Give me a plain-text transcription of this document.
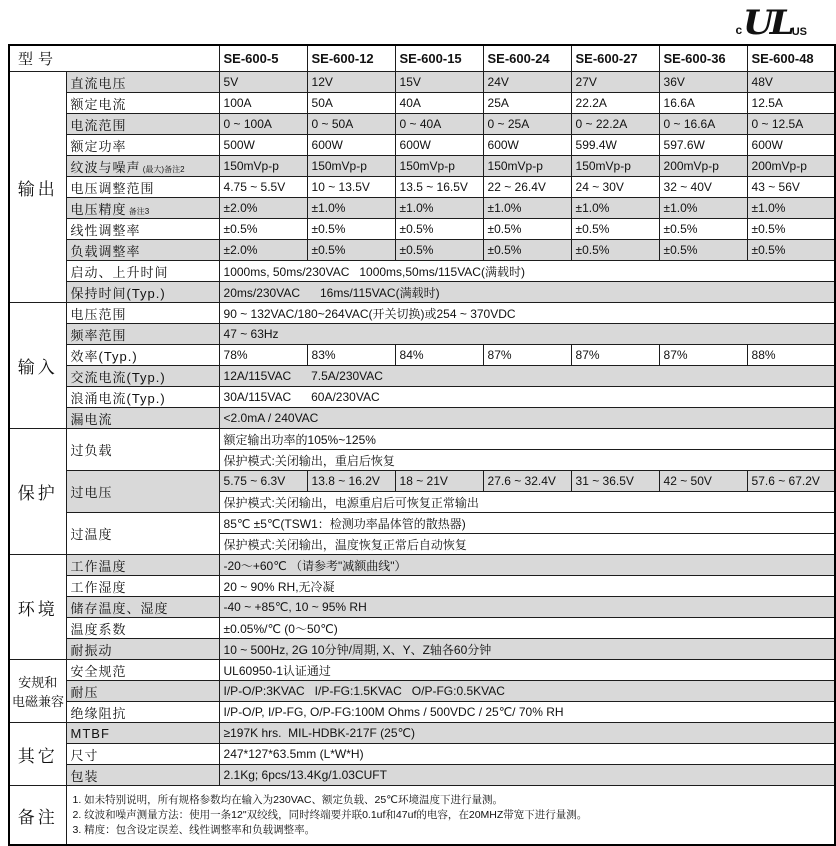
c UL US
型号		SE-600-5	SE-600-12	SE-600-15	SE-600-24	SE-600-27	SE-600-36	SE-600-48

输出	直流电压	5V	12V	15V	24V	27V	36V	48V
	额定电流	100A	50A	40A	25A	22.2A	16.6A	12.5A
	电流范围	0 ~ 100A	0 ~ 50A	0 ~ 40A	0 ~ 25A	0 ~ 22.2A	0 ~ 16.6A	0 ~ 12.5A
	额定功率	500W	600W	600W	600W	599.4W	597.6W	600W
	纹波与噪声 (最大)备注2	150mVp-p	150mVp-p	150mVp-p	150mVp-p	150mVp-p	200mVp-p	200mVp-p
	电压调整范围	4.75 ~ 5.5V	10 ~ 13.5V	13.5 ~ 16.5V	22 ~ 26.4V	24 ~ 30V	32 ~ 40V	43 ~ 56V
	电压精度 备注3	±2.0%	±1.0%	±1.0%	±1.0%	±1.0%	±1.0%	±1.0%
	线性调整率	±0.5%	±0.5%	±0.5%	±0.5%	±0.5%	±0.5%	±0.5%
	负载调整率	±2.0%	±0.5%	±0.5%	±0.5%	±0.5%	±0.5%	±0.5%
	启动、上升时间	1000ms, 50ms/230VAC   1000ms,50ms/115VAC(满载时)						
	保持时间(Typ.)	20ms/230VAC      16ms/115VAC(满载时)						

输入	电压范围	90 ~ 132VAC/180~264VAC(开关切换)或254 ~ 370VDC						
	频率范围	47 ~ 63Hz						
	效率(Typ.)	78%	83%	84%	87%	87%	87%	88%
	交流电流(Typ.)	12A/115VAC      7.5A/230VAC						
	浪涌电流(Typ.)	30A/115VAC      60A/230VAC						
	漏电流	<2.0mA / 240VAC						

保护	过负载	额定输出功率的105%~125%						
		保护模式:关闭输出，重启后恢复						
	过电压	5.75 ~ 6.3V	13.8 ~ 16.2V	18 ~ 21V	27.6 ~ 32.4V	31 ~ 36.5V	42 ~ 50V	57.6 ~ 67.2V
		保护模式:关闭输出，电源重启后可恢复正常输出						
	过温度	85℃ ±5℃(TSW1：检测功率晶体管的散热器)						
		保护模式:关闭输出，温度恢复正常后自动恢复						

环境	工作温度	-20～+60℃ （请参考"减额曲线"）						
	工作湿度	20 ~ 90% RH,无冷凝						
	储存温度、湿度	-40 ~ +85℃, 10 ~ 95% RH						
	温度系数	±0.05%/℃ (0～50℃)						
	耐振动	10 ~ 500Hz, 2G 10分钟/周期, X、Y、Z轴各60分钟						

安规和
电磁兼容	安全规范	UL60950-1认证通过						
	耐压	I/P-O/P:3KVAC   I/P-FG:1.5KVAC   O/P-FG:0.5KVAC						
	绝缘阻抗	I/P-O/P, I/P-FG, O/P-FG:100M Ohms / 500VDC / 25℃/ 70% RH						

其它	MTBF	≥197K hrs.  MIL-HDBK-217F (25℃)						
	尺寸	247*127*63.5mm (L*W*H)						
	包装	2.1Kg; 6pcs/13.4Kg/1.03CUFT						
备注	1. 如未特别说明，所有规格参数均在输入为230VAC、额定负载、25℃环境温度下进行量测。
2. 纹波和噪声测量方法：使用一条12"双绞线，同时终端要并联0.1uf和47uf的电容，在20MHZ带宽下进行量测。
3. 精度：包含设定误差、线性调整率和负载调整率。							
